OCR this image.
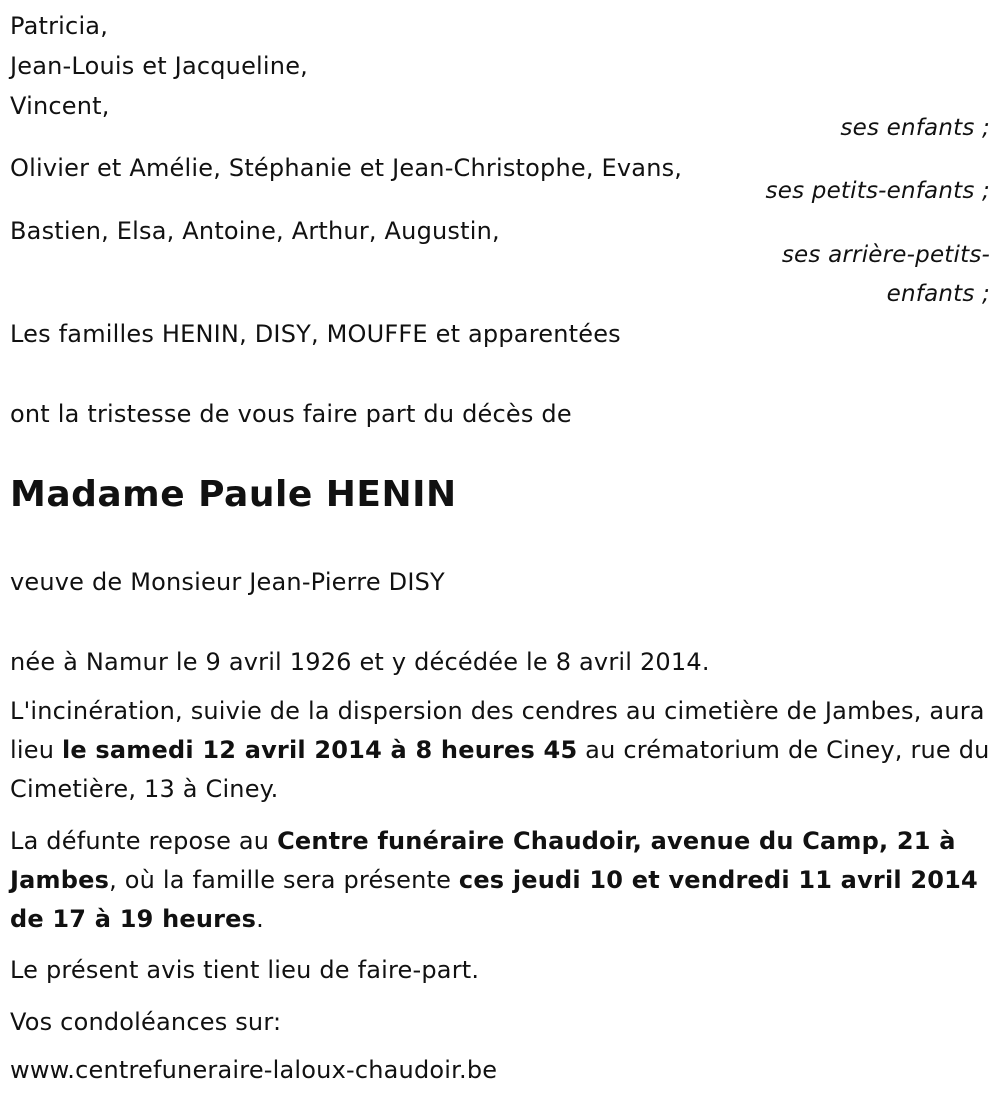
Patricia,
Jean-Louis et Jacqueline,
Vincent,
ses enfants ;
Olivier et Amélie, Stéphanie et Jean-Christophe, Evans,
ses petits-enfants ;
Bastien, Elsa, Antoine, Arthur, Augustin,
ses arrière-petits-
enfants ;
Les familles HENIN, DISY, MOUFFE et apparentées
ont la tristesse de vous faire part du décès de
Madame Paule HENIN
veuve de Monsieur Jean-Pierre DISY
née à Namur le 9 avril 1926 et y décédée le 8 avril 2014.
L'incinération, suivie de la dispersion des cendres au cimetière de Jambes, aura lieu le samedi 12 avril 2014 à 8 heures 45 au crématorium de Ciney, rue du Cimetière, 13 à Ciney.
La défunte repose au Centre funéraire Chaudoir, avenue du Camp, 21 à Jambes, où la famille sera présente ces jeudi 10 et vendredi 11 avril 2014 de 17 à 19 heures.
Le présent avis tient lieu de faire-part.
Vos condoléances sur:
www.centrefuneraire-laloux-chaudoir.be
